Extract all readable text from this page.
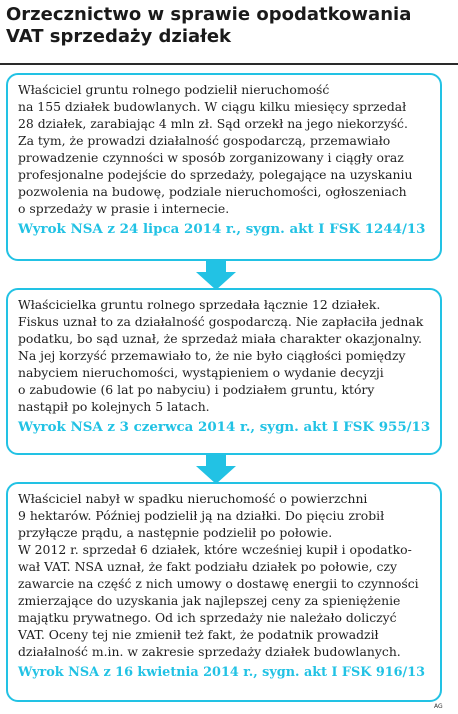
Orzecznictwo w sprawie opodatkowania VAT sprzedaży działek

Właściciel gruntu rolnego podzielił nieruchomość
na 155 działek budowlanych. W ciągu kilku miesięcy sprzedał
28 działek, zarabiając 4 mln zł. Sąd orzekł na jego niekorzyść.
Za tym, że prowadzi działalność gospodarczą, przemawiało
prowadzenie czynności w sposób zorganizowany i ciągły oraz
profesjonalne podejście do sprzedaży, polegające na uzyskaniu
pozwolenia na budowę, podziale nieruchomości, ogłoszeniach
o sprzedaży w prasie i internecie.

Wyrok NSA z 24 lipca 2014 r., sygn. akt I FSK 1244/13

Właścicielka gruntu rolnego sprzedała łącznie 12 działek.
Fiskus uznał to za działalność gospodarczą. Nie zapłaciła jednak
podatku, bo sąd uznał, że sprzedaż miała charakter okazjonalny.
Na jej korzyść przemawiało to, że nie było ciągłości pomiędzy
nabyciem nieruchomości, wystąpieniem o wydanie decyzji
o zabudowie (6 lat po nabyciu) i podziałem gruntu, który
nastąpił po kolejnych 5 latach.

Wyrok NSA z 3 czerwca 2014 r., sygn. akt I FSK 955/13

Właściciel nabył w spadku nieruchomość o powierzchni
9 hektarów. Później podzielił ją na działki. Do pięciu zrobił
przyłącze prądu, a następnie podzielił po połowie.
W 2012 r. sprzedał 6 działek, które wcześniej kupił i opodatko-
wał VAT. NSA uznał, że fakt podziału działek po połowie, czy
zawarcie na część z nich umowy o dostawę energii to czynności
zmierzające do uzyskania jak najlepszej ceny za spieniężenie
majątku prywatnego. Od ich sprzedaży nie należało doliczyć
VAT. Oceny tej nie zmienił też fakt, że podatnik prowadził
działalność m.in. w zakresie sprzedaży działek budowlanych.

Wyrok NSA z 16 kwietnia 2014 r., sygn. akt I FSK 916/13

AG
